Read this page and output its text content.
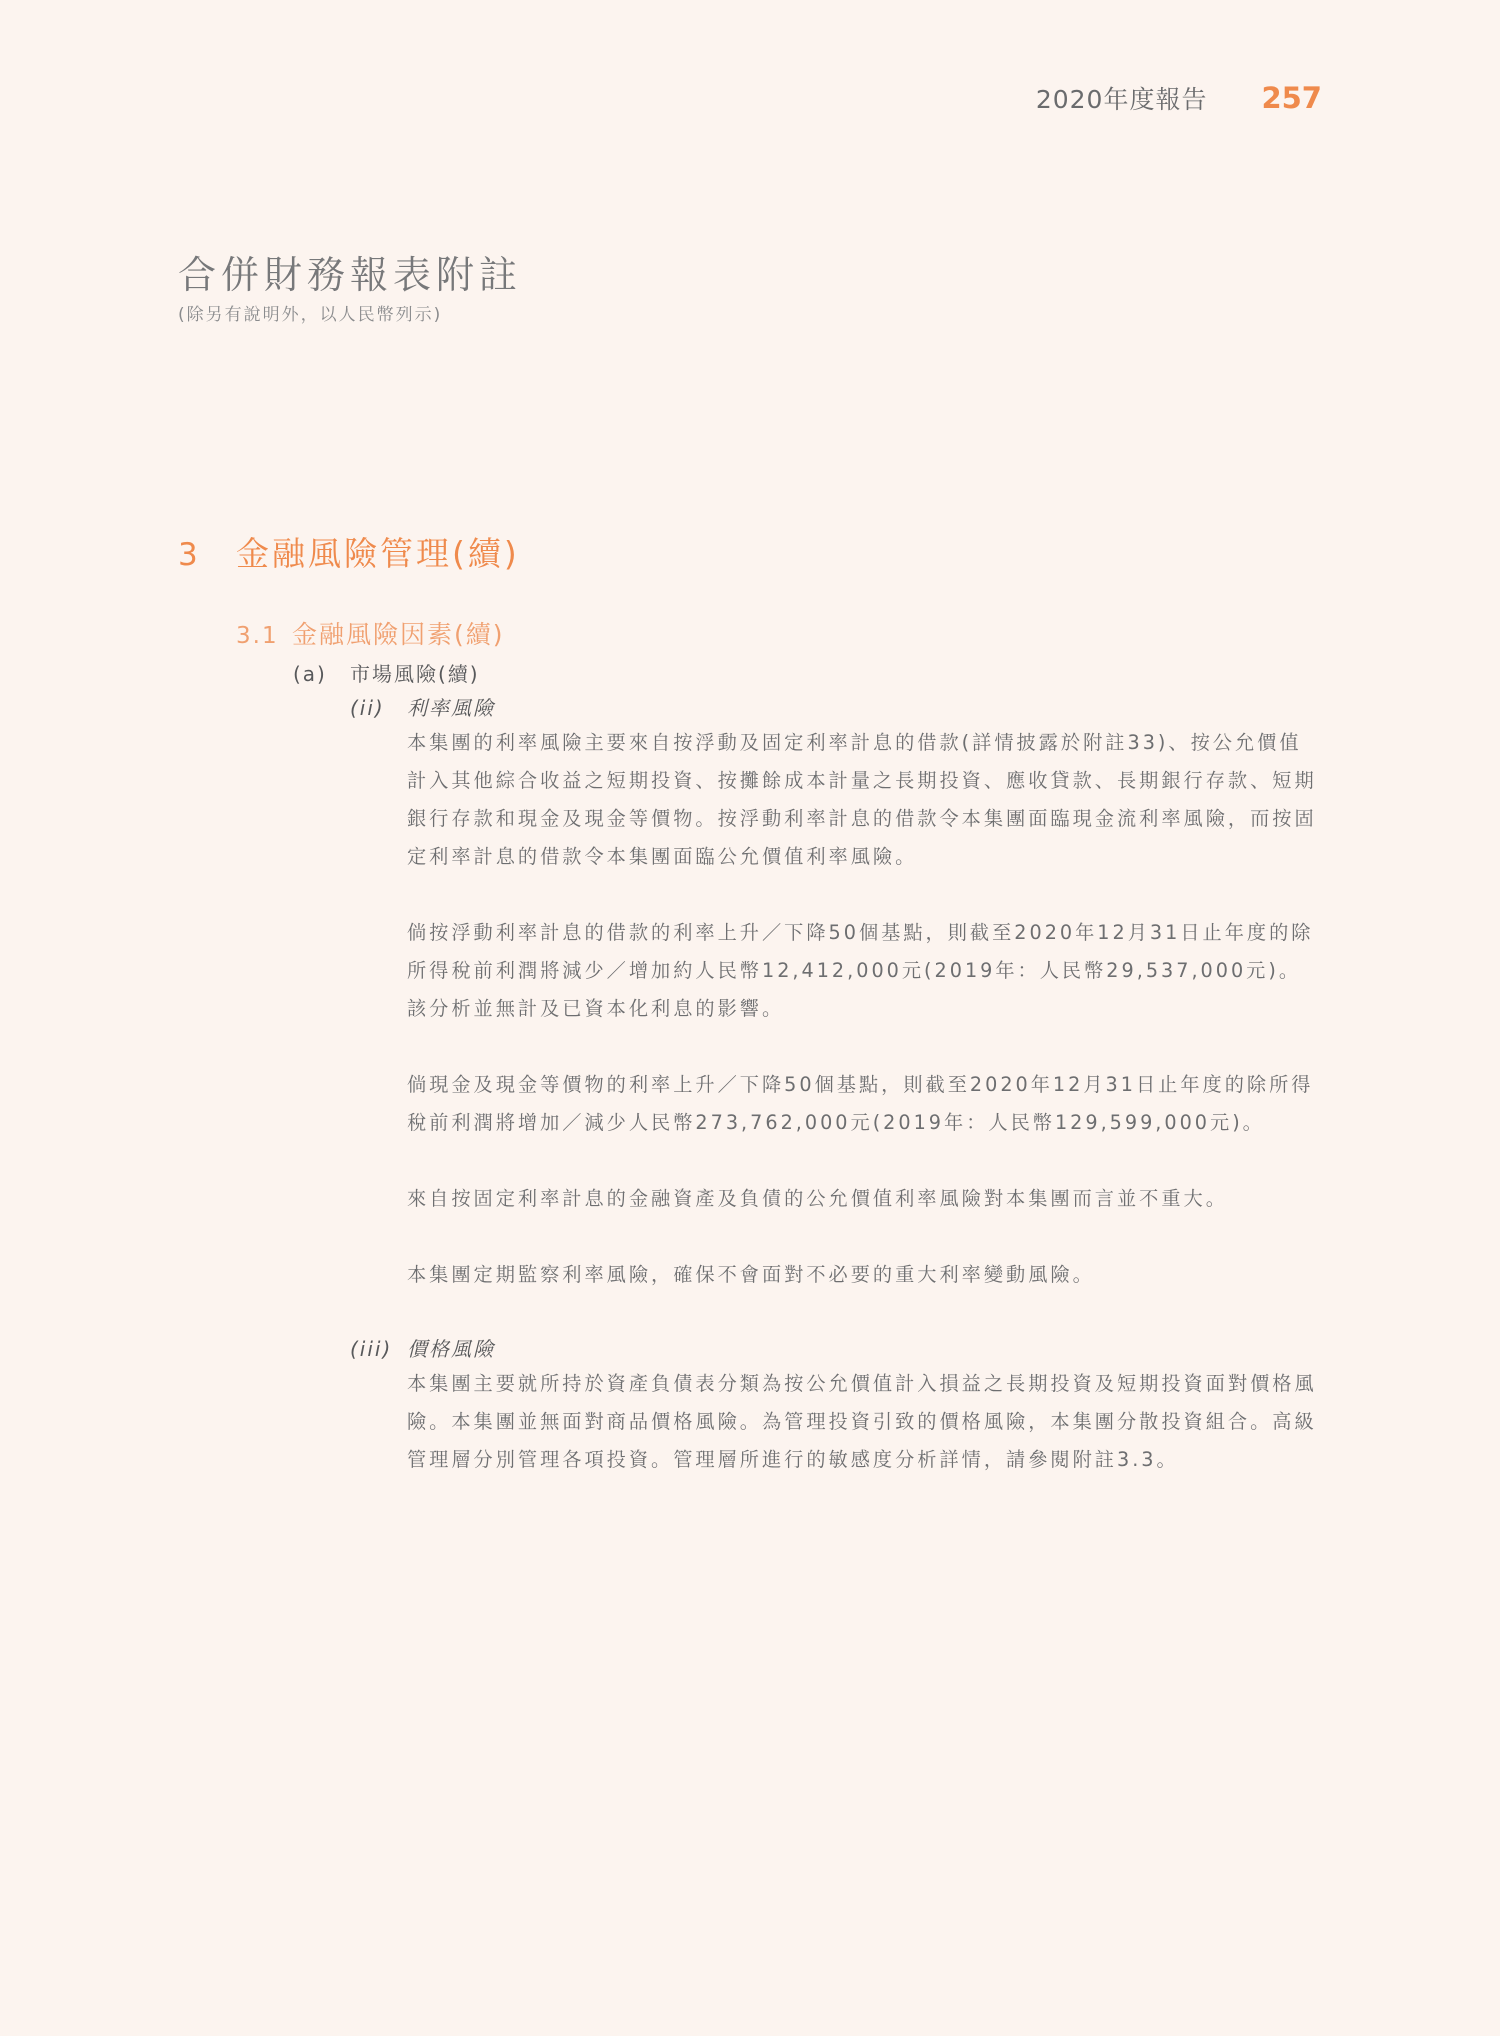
2020年度報告 257
合併財務報表附註
(除另有說明外，以人民幣列示)
3	金融風險管理(續)
3.1 金融風險因素(續)
(a)	市場風險(續)
(ii)	利率風險

本集團的利率風險主要來自按浮動及固定利率計息的借款(詳情披露於附註33)、按公允價值計入其他綜合收益之短期投資、按攤餘成本計量之長期投資、應收貸款、長期銀行存款、短期銀行存款和現金及現金等價物。按浮動利率計息的借款令本集團面臨現金流利率風險，而按固定利率計息的借款令本集團面臨公允價值利率風險。

倘按浮動利率計息的借款的利率上升／下降50個基點，則截至2020年12月31日止年度的除所得稅前利潤將減少／增加約人民幣12,412,000元(2019年：人民幣29,537,000元)。該分析並無計及已資本化利息的影響。

倘現金及現金等價物的利率上升／下降50個基點，則截至2020年12月31日止年度的除所得稅前利潤將增加／減少人民幣273,762,000元(2019年：人民幣129,599,000元)。

來自按固定利率計息的金融資產及負債的公允價值利率風險對本集團而言並不重大。

本集團定期監察利率風險，確保不會面對不必要的重大利率變動風險。

(iii) 價格風險

本集團主要就所持於資產負債表分類為按公允價值計入損益之長期投資及短期投資面對價格風險。本集團並無面對商品價格風險。為管理投資引致的價格風險，本集團分散投資組合。高級管理層分別管理各項投資。管理層所進行的敏感度分析詳情，請參閱附註3.3。
